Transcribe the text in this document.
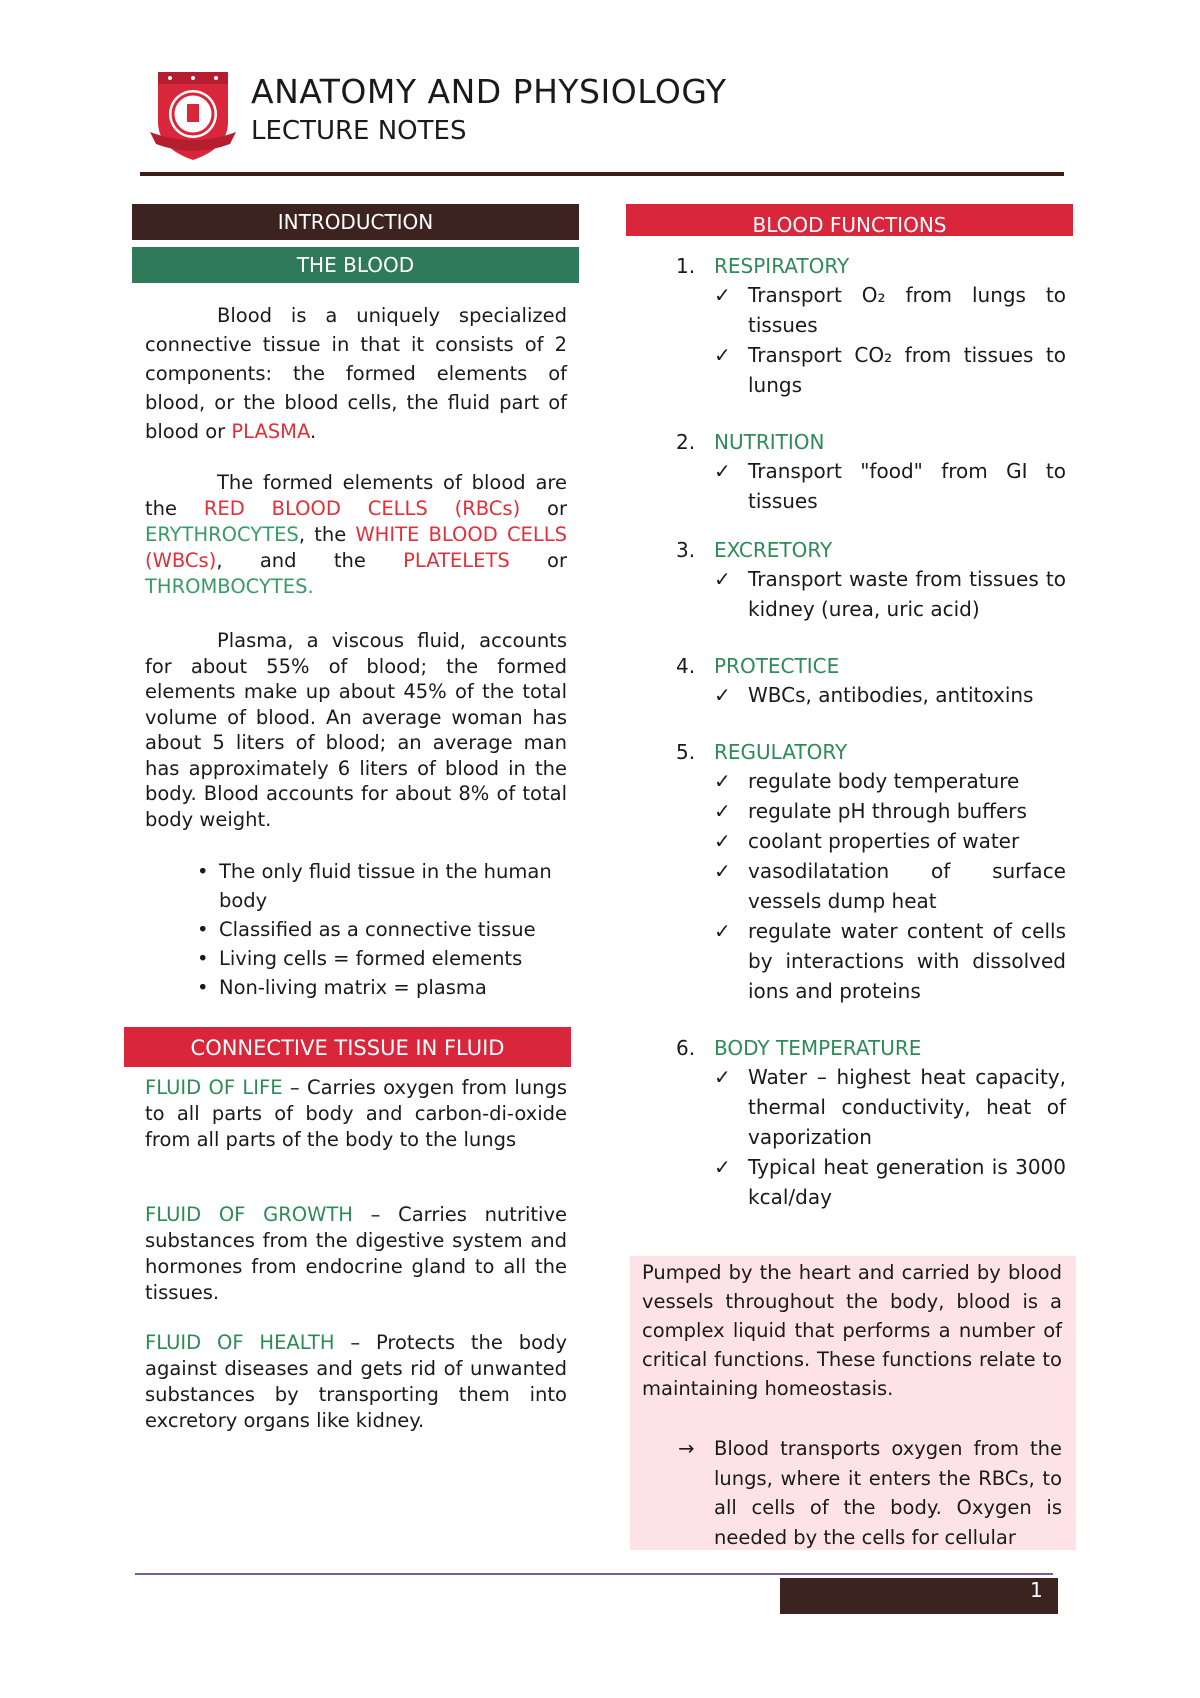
ANATOMY AND PHYSIOLOGY
LECTURE NOTES
INTRODUCTION
THE BLOOD
Blood is a uniquely specialized connective tissue in that it consists of 2 components: the formed elements of blood, or the blood cells, the fluid part of blood or PLASMA.
The formed elements of blood are the RED BLOOD CELLS (RBCs) or ERYTHROCYTES, the WHITE BLOOD CELLS (WBCs), and the PLATELETS or THROMBOCYTES.
Plasma, a viscous fluid, accounts for about 55% of blood; the formed elements make up about 45% of the total volume of blood. An average woman has about 5 liters of blood; an average man has approximately 6 liters of blood in the body. Blood accounts for about 8% of total body weight.
• The only fluid tissue in the human body
• Classified as a connective tissue
• Living cells = formed elements
• Non-living matrix = plasma
CONNECTIVE TISSUE IN FLUID
FLUID OF LIFE – Carries oxygen from lungs to all parts of body and carbon-di-oxide from all parts of the body to the lungs
FLUID OF GROWTH – Carries nutritive substances from the digestive system and hormones from endocrine gland to all the tissues.
FLUID OF HEALTH – Protects the body against diseases and gets rid of unwanted substances by transporting them into excretory organs like kidney.
BLOOD FUNCTIONS
1. RESPIRATORY
✓ Transport O₂ from lungs to tissues
✓ Transport CO₂ from tissues to lungs
2. NUTRITION
✓ Transport "food" from GI to tissues
3. EXCRETORY
✓ Transport waste from tissues to kidney (urea, uric acid)
4. PROTECTICE
✓ WBCs, antibodies, antitoxins
5. REGULATORY
✓ regulate body temperature
✓ regulate pH through buffers
✓ coolant properties of water
✓ vasodilatation of surface vessels dump heat
✓ regulate water content of cells by interactions with dissolved ions and proteins
6. BODY TEMPERATURE
✓ Water – highest heat capacity, thermal conductivity, heat of vaporization
✓ Typical heat generation is 3000 kcal/day
Pumped by the heart and carried by blood vessels throughout the body, blood is a complex liquid that performs a number of critical functions. These functions relate to maintaining homeostasis.
→ Blood transports oxygen from the lungs, where it enters the RBCs, to all cells of the body. Oxygen is needed by the cells for cellular
1
